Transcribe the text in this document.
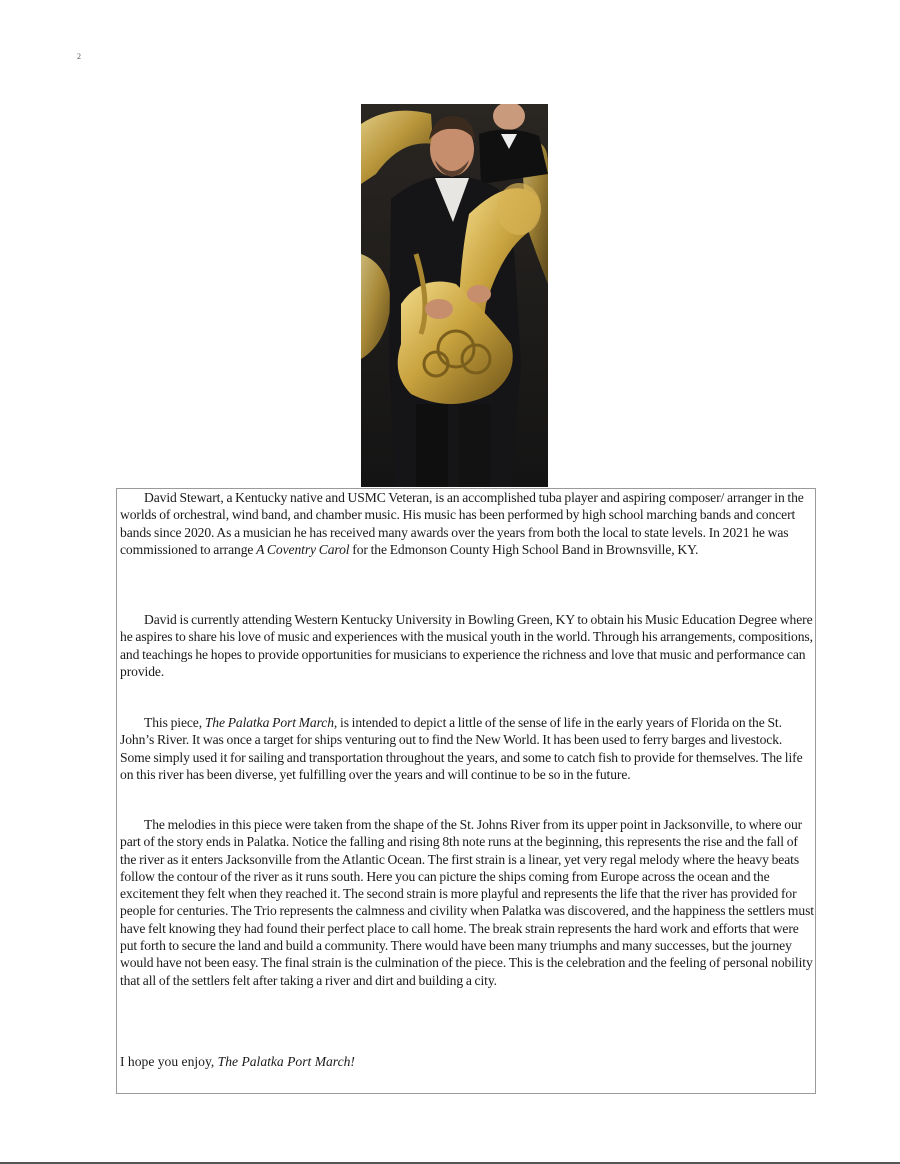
2

David Stewart, a Kentucky native and USMC Veteran, is an accomplished tuba player and aspiring composer/ arranger in the worlds of orchestral, wind band, and chamber music. His music has been performed by high school marching bands and concert bands since 2020. As a musician he has received many awards over the years from both the local to state levels. In 2021 he was commissioned to arrange A Coventry Carol for the Edmonson County High School Band in Brownsville, KY.

David is currently attending Western Kentucky University in Bowling Green, KY to obtain his Music Education Degree where he aspires to share his love of music and experiences with the musical youth in the world. Through his arrangements, compositions, and teachings he hopes to provide opportunities for musicians to experience the richness and love that music and performance can provide.

This piece, The Palatka Port March, is intended to depict a little of the sense of life in the early years of Florida on the St. John’s River. It was once a target for ships venturing out to find the New World. It has been used to ferry barges and livestock. Some simply used it for sailing and transportation throughout the years, and some to catch fish to provide for themselves. The life on this river has been diverse, yet fulfilling over the years and will continue to be so in the future.

The melodies in this piece were taken from the shape of the St. Johns River from its upper point in Jacksonville, to where our part of the story ends in Palatka. Notice the falling and rising 8th note runs at the beginning, this represents the rise and the fall of the river as it enters Jacksonville from the Atlantic Ocean. The first strain is a linear, yet very regal melody where the heavy beats follow the contour of the river as it runs south. Here you can picture the ships coming from Europe across the ocean and the excitement they felt when they reached it. The second strain is more playful and represents the life that the river has provided for people for centuries. The Trio represents the calmness and civility when Palatka was discovered, and the happiness the settlers must have felt knowing they had found their perfect place to call home. The break strain represents the hard work and efforts that were put forth to secure the land and build a community. There would have been many triumphs and many successes, but the journey would have not been easy. The final strain is the culmination of the piece. This is the celebration and the feeling of personal nobility that all of the settlers felt after taking a river and dirt and building a city.

I hope you enjoy, The Palatka Port March!
